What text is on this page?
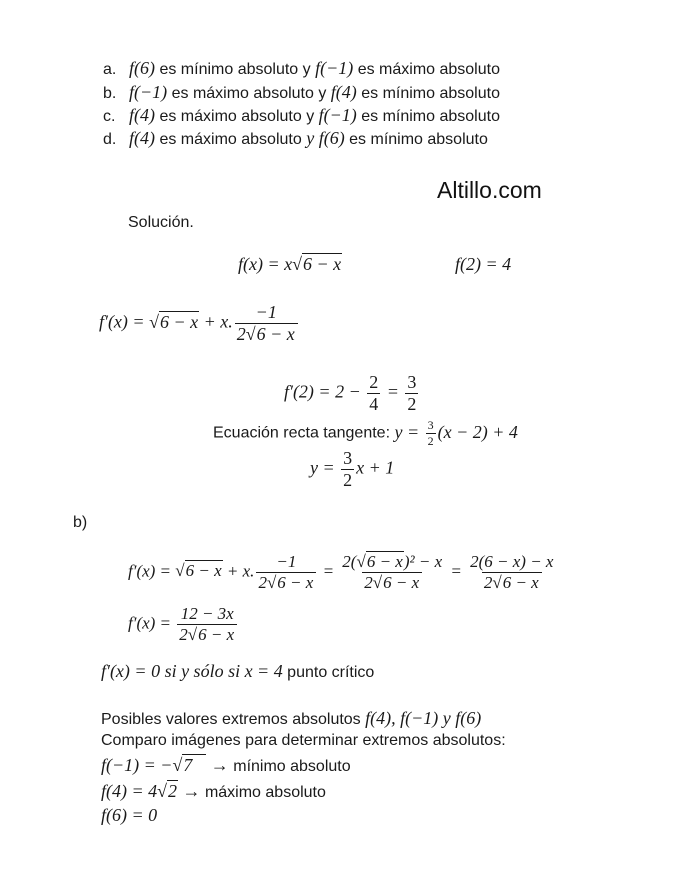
a. f(6) es mínimo absoluto y f(−1) es máximo absoluto
b. f(−1) es máximo absoluto y f(4) es mínimo absoluto
c. f(4) es máximo absoluto y f(−1) es mínimo absoluto
d. f(4) es máximo absoluto y f(6) es mínimo absoluto
Altillo.com
Solución.
f(x) = x√6 − x	f(2) = 4
f′(x) = √6 − x + x. $\frac{-1}{2√6 - x}$
$f'(2) = 2 - \frac{2}{4} = \frac{3}{2}$
Ecuación recta tangente: $y = \frac{3}{2} (x - 2) + 4$
$y = \frac{3}{2}$ x + 1
b)
f′(x) = √6 − x + x. $\frac{-1}{2√6 - x} = \frac{\text{2(√6 − x)² − x}}{2√6 - x} = \frac{2(6 - x) - x}{2√6 - x}$
$f'(x) = \frac{12 - 3x}{2√6 - x}$
f′(x) = 0 si y sólo si x = 4 punto crítico
Posibles valores extremos absolutos f(4), f(−1) y f(6)
Comparo imágenes para determinar extremos absolutos:
f(−1) = −√7 → mínimo absoluto
f(4) = 4√2 → máximo absoluto
f(6) = 0
